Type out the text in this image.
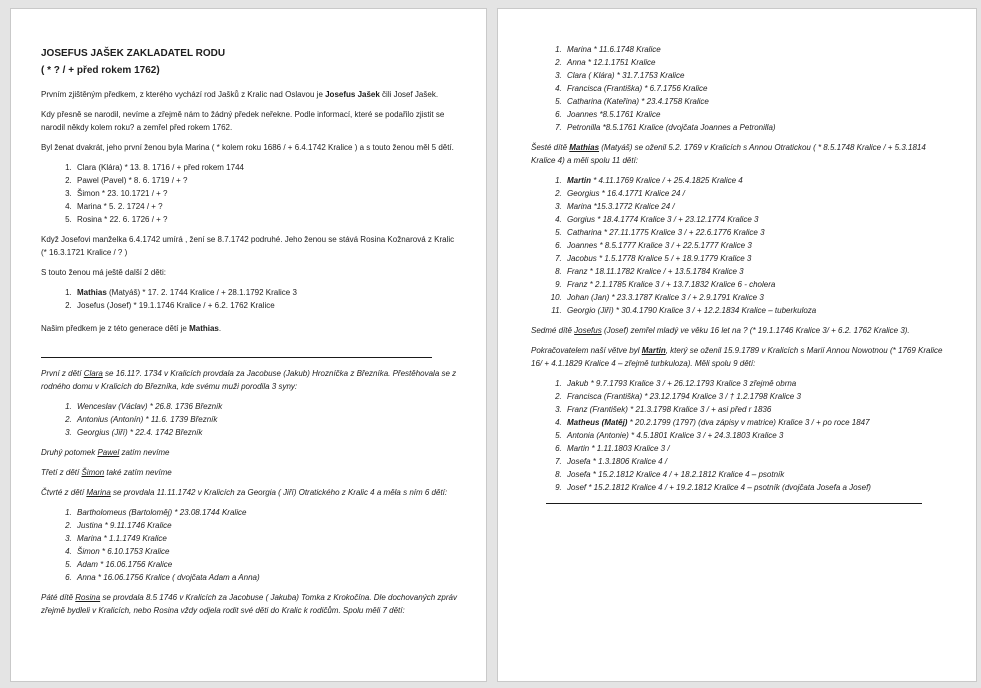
JOSEFUS JAŠEK ZAKLADATEL RODU
( * ? / + před rokem 1762)
Prvním zjištěným předkem, z kterého vychází rod Jašků z Kralic nad Oslavou je Josefus Jašek čili Josef Jašek.
Kdy přesně se narodil, nevíme a zřejmě nám to žádný předek neřekne. Podle informací, které se podařilo zjistit se narodil někdy kolem roku? a zemřel před rokem 1762.
Byl ženat dvakrát, jeho první ženou byla Marina ( * kolem roku 1686 / + 6.4.1742 Kralice ) a s touto ženou měl 5 dětí.
1. Clara (Klára) * 13. 8. 1716 / + před rokem 1744
2. Pawel (Pavel) * 8. 6. 1719 / + ?
3. Šimon * 23. 10.1721 / + ?
4. Marina * 5. 2. 1724 / + ?
5. Rosina * 22. 6. 1726 / + ?
Když Josefovi manželka 6.4.1742 umírá , žení se 8.7.1742 podruhé. Jeho ženou se stává Rosina Kožnarová z Kralic (* 16.3.1721 Kralice / ? )
S touto ženou má ještě další 2 děti:
1. Mathias (Matyáš) * 17. 2. 1744 Kralice / + 28.1.1792 Kralice 3
2. Josefus (Josef) * 19.1.1746 Kralice / + 6.2. 1762 Kralice
Našim předkem je z této generace dětí je Mathias.
První z dětí Clara se 16.11?. 1734 v Kralicích provdala za Jacobuse (Jakub) Hrozníčka z Březníka. Přestěhovala se z rodného domu v Kralicích do Březníka, kde svému muži porodila 3 syny:
1. Wenceslav (Václav) * 26.8. 1736 Březník
2. Antonius (Antonín) * 11.6. 1739 Březník
3. Georgius (Jiří) * 22.4. 1742 Březník
Druhý potomek Pawel zatím nevíme
Třetí z dětí Šimon také zatím nevíme
Čtvrté z dětí Marina se provdala 11.11.1742 v Kralicích za Georgia ( Jiří) Otratického z Kralic 4 a měla s ním 6 dětí:
1. Bartholomeus (Bartoloměj) * 23.08.1744 Kralice
2. Justina * 9.11.1746 Kralice
3. Marina * 1.1.1749 Kralice
4. Šimon * 6.10.1753 Kralice
5. Adam * 16.06.1756 Kralice
6. Anna * 16.06.1756 Kralice ( dvojčata Adam a Anna)
Páté dítě Rosina se provdala 8.5 1746 v Kralicích za Jacobuse ( Jakuba) Tomka z Krokočína. Dle dochovaných zpráv zřejmě bydleli v Kralicích, nebo Rosina vždy odjela rodit své děti do Kralic k rodičům. Spolu měli 7 dětí:
1. Marina * 11.6.1748 Kralice
2. Anna * 12.1.1751 Kralice
3. Clara ( Klára) * 31.7.1753 Kralice
4. Francisca (Františka) * 6.7.1756 Kralice
5. Catharina (Kateřina) * 23.4.1758 Kralice
6. Joannes *8.5.1761 Kralice
7. Petronilla *8.5.1761 Kralice (dvojčata Joannes a Petronilla)
Šesté dítě Mathias (Matyáš) se oženil 5.2. 1769 v Kralicích s Annou Otratickou ( * 8.5.1748 Kralice / + 5.3.1814 Kralice 4) a měli spolu 11 dětí:
1. Martin * 4.11.1769 Kralice / + 25.4.1825 Kralice 4
2. Georgius * 16.4.1771 Kralice 24 /
3. Marina *15.3.1772 Kralice 24 /
4. Gorgius * 18.4.1774 Kralice 3 / + 23.12.1774 Kralice 3
5. Catharina * 27.11.1775 Kralice 3 / + 22.6.1776 Kralice 3
6. Joannes * 8.5.1777 Kralice 3 / + 22.5.1777 Kralice 3
7. Jacobus * 1.5.1778 Kralice 5 / + 18.9.1779 Kralice 3
8. Franz * 18.11.1782 Kralice / + 13.5.1784 Kralice 3
9. Franz * 2.1.1785 Kralice 3 / + 13.7.1832 Kralice 6 - cholera
10. Johan (Jan) * 23.3.1787 Kralice 3 / + 2.9.1791 Kralice 3
11. Georgio (Jiří) * 30.4.1790 Kralice 3 / + 12.2.1834 Kralice – tuberkuloza
Sedmé dítě Josefus (Josef) zemřel mladý ve věku 16 let na ? (* 19.1.1746 Kralice 3/ + 6.2. 1762 Kralice 3).
Pokračovatelem naší větve byl Martin, který se oženil 15.9.1789 v Kralicích s Marií Annou Nowotnou (* 1769 Kralice 16/ + 4.1.1829 Kralice 4 – zřejmě turbkuloza). Měli spolu 9 dětí:
1. Jakub * 9.7.1793 Kralice 3 / + 26.12.1793 Kralice 3 zřejmě obrna
2. Francisca (Františka) * 23.12.1794 Kralice 3 / † 1.2.1798 Kralice 3
3. Franz (František) * 21.3.1798 Kralice 3 / + asi před r 1836
4. Matheus (Matěj) * 20.2.1799 (1797) (dva zápisy v matrice) Kralice 3 / + po roce 1847
5. Antonia (Antonie) * 4.5.1801 Kralice 3 / + 24.3.1803 Kralice 3
6. Martin * 1.11.1803 Kralice 3 /
7. Josefa * 1.3.1806 Kralice 4 /
8. Josefa * 15.2.1812 Kralice 4 / + 18.2.1812 Kralice 4 – psotník
9. Josef * 15.2.1812 Kralice 4 / + 19.2.1812 Kralice 4 – psotník (dvojčata Josefa a Josef)
